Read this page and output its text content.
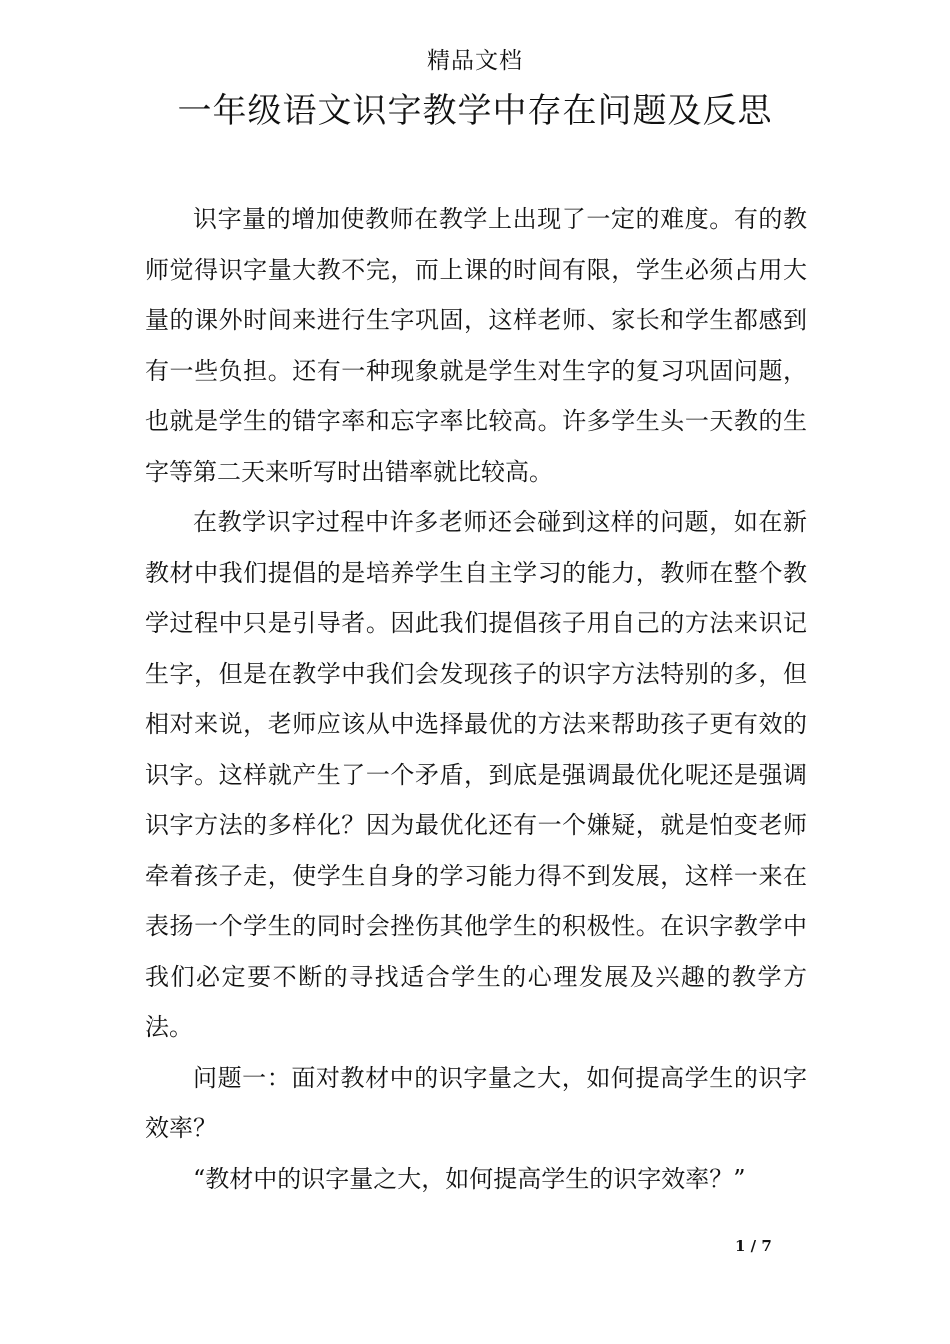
精品文档
一年级语文识字教学中存在问题及反思

识字量的增加使教师在教学上出现了一定的难度。有的教师觉得识字量大教不完，而上课的时间有限，学生必须占用大量的课外时间来进行生字巩固，这样老师、家长和学生都感到有一些负担。还有一种现象就是学生对生字的复习巩固问题，也就是学生的错字率和忘字率比较高。许多学生头一天教的生字等第二天来听写时出错率就比较高。

在教学识字过程中许多老师还会碰到这样的问题，如在新教材中我们提倡的是培养学生自主学习的能力，教师在整个教学过程中只是引导者。因此我们提倡孩子用自己的方法来识记生字，但是在教学中我们会发现孩子的识字方法特别的多，但相对来说，老师应该从中选择最优的方法来帮助孩子更有效的识字。这样就产生了一个矛盾，到底是强调最优化呢还是强调识字方法的多样化？因为最优化还有一个嫌疑，就是怕变老师牵着孩子走，使学生自身的学习能力得不到发展，这样一来在表扬一个学生的同时会挫伤其他学生的积极性。在识字教学中我们必定要不断的寻找适合学生的心理发展及兴趣的教学方法。

问题一：面对教材中的识字量之大，如何提高学生的识字效率？

“教材中的识字量之大，如何提高学生的识字效率？”

1 / 7
